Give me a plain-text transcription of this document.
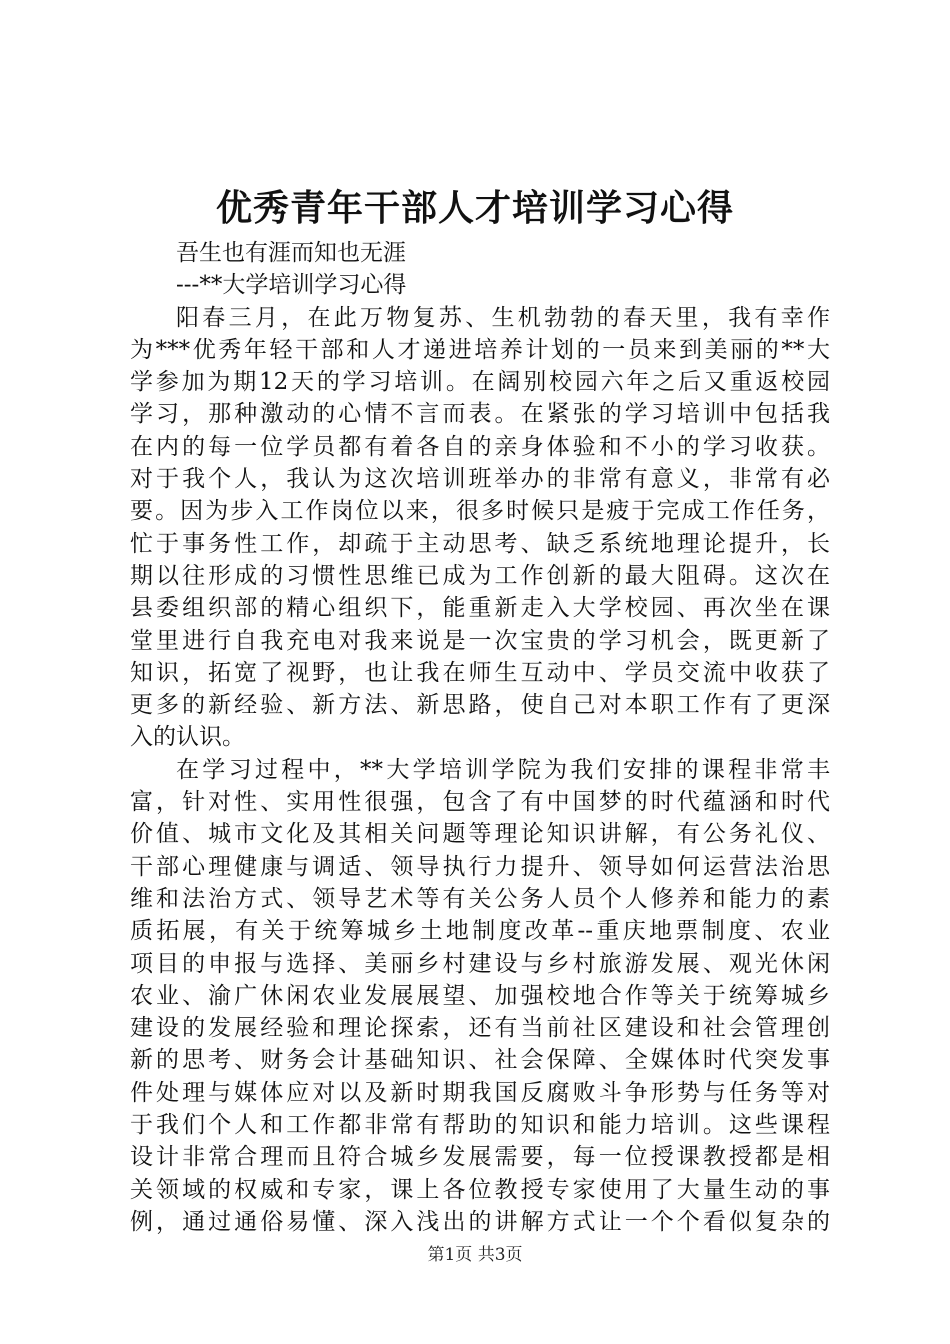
优秀青年干部人才培训学习心得
吾生也有涯而知也无涯
---**大学培训学习心得
阳春三月，在此万物复苏、生机勃勃的春天里，我有幸作
为***优秀年轻干部和人才递进培养计划的一员来到美丽的**大
学参加为期12天的学习培训。在阔别校园六年之后又重返校园
学习，那种激动的心情不言而表。在紧张的学习培训中包括我
在内的每一位学员都有着各自的亲身体验和不小的学习收获。
对于我个人，我认为这次培训班举办的非常有意义，非常有必
要。因为步入工作岗位以来，很多时候只是疲于完成工作任务，
忙于事务性工作，却疏于主动思考、缺乏系统地理论提升，长
期以往形成的习惯性思维已成为工作创新的最大阻碍。这次在
县委组织部的精心组织下，能重新走入大学校园、再次坐在课
堂里进行自我充电对我来说是一次宝贵的学习机会，既更新了
知识，拓宽了视野，也让我在师生互动中、学员交流中收获了
更多的新经验、新方法、新思路，使自己对本职工作有了更深
入的认识。
在学习过程中，**大学培训学院为我们安排的课程非常丰
富，针对性、实用性很强，包含了有中国梦的时代蕴涵和时代
价值、城市文化及其相关问题等理论知识讲解，有公务礼仪、
干部心理健康与调适、领导执行力提升、领导如何运营法治思
维和法治方式、领导艺术等有关公务人员个人修养和能力的素
质拓展，有关于统筹城乡土地制度改革--重庆地票制度、农业
项目的申报与选择、美丽乡村建设与乡村旅游发展、观光休闲
农业、渝广休闲农业发展展望、加强校地合作等关于统筹城乡
建设的发展经验和理论探索，还有当前社区建设和社会管理创
新的思考、财务会计基础知识、社会保障、全媒体时代突发事
件处理与媒体应对以及新时期我国反腐败斗争形势与任务等对
于我们个人和工作都非常有帮助的知识和能力培训。这些课程
设计非常合理而且符合城乡发展需要，每一位授课教授都是相
关领域的权威和专家，课上各位教授专家使用了大量生动的事
例，通过通俗易懂、深入浅出的讲解方式让一个个看似复杂的
第1页 共3页
